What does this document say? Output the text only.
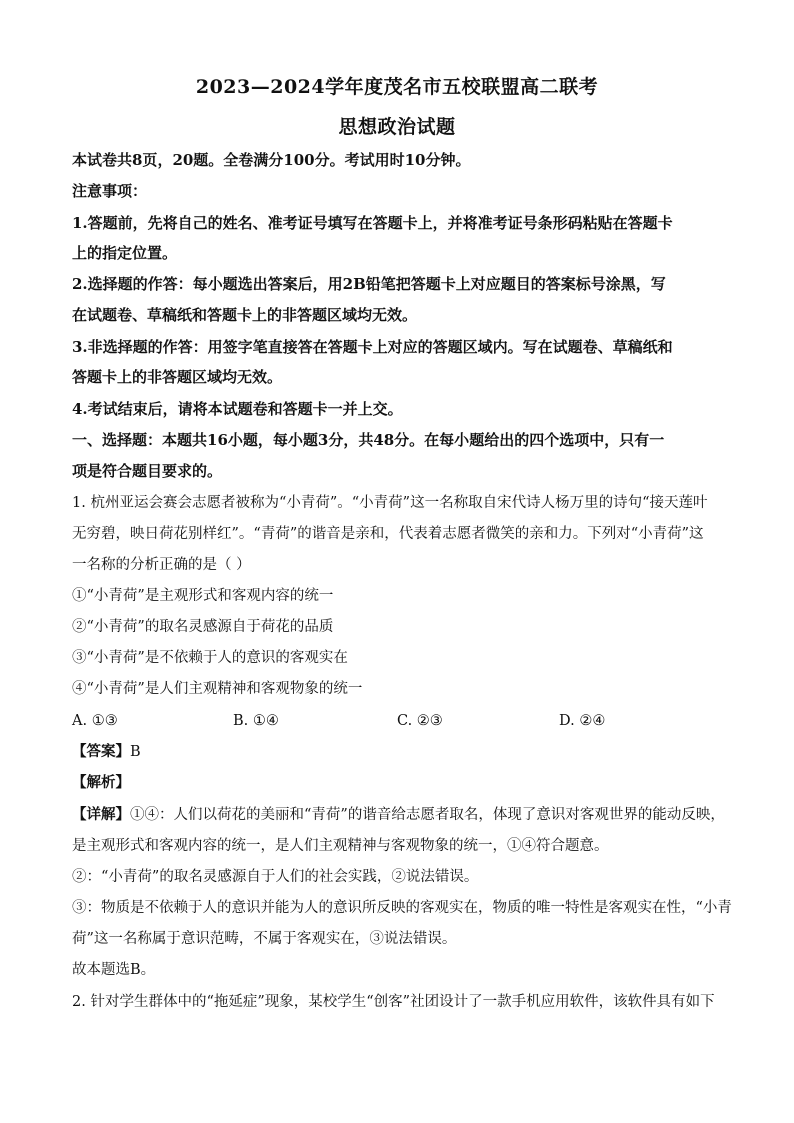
2023—2024学年度茂名市五校联盟高二联考
思想政治试题
本试卷共8页，20题。全卷满分100分。考试用时10分钟。
注意事项：
1.答题前，先将自己的姓名、准考证号填写在答题卡上，并将准考证号条形码粘贴在答题卡
上的指定位置。
2.选择题的作答：每小题选出答案后，用2B铅笔把答题卡上对应题目的答案标号涂黑，写
在试题卷、草稿纸和答题卡上的非答题区域均无效。
3.非选择题的作答：用签字笔直接答在答题卡上对应的答题区域内。写在试题卷、草稿纸和
答题卡上的非答题区域均无效。
4.考试结束后，请将本试题卷和答题卡一并上交。
一、选择题：本题共16小题，每小题3分，共48分。在每小题给出的四个选项中，只有一
项是符合题目要求的。
1. 杭州亚运会赛会志愿者被称为“小青荷”。“小青荷”这一名称取自宋代诗人杨万里的诗句“接天莲叶
无穷碧，映日荷花别样红”。“青荷”的谐音是亲和，代表着志愿者微笑的亲和力。下列对“小青荷”这
一名称的分析正确的是（ ）
①“小青荷”是主观形式和客观内容的统一
②“小青荷”的取名灵感源自于荷花的品质
③“小青荷”是不依赖于人的意识的客观实在
④“小青荷”是人们主观精神和客观物象的统一
A. ①③	B. ①④	C. ②③	D. ②④
【答案】B
【解析】
【详解】①④：人们以荷花的美丽和“青荷”的谐音给志愿者取名，体现了意识对客观世界的能动反映，
是主观形式和客观内容的统一，是人们主观精神与客观物象的统一，①④符合题意。
②：“小青荷”的取名灵感源自于人们的社会实践，②说法错误。
③：物质是不依赖于人的意识并能为人的意识所反映的客观实在，物质的唯一特性是客观实在性，“小青
荷”这一名称属于意识范畴，不属于客观实在，③说法错误。
故本题选B。
2. 针对学生群体中的“拖延症”现象，某校学生“创客”社团设计了一款手机应用软件，该软件具有如下
